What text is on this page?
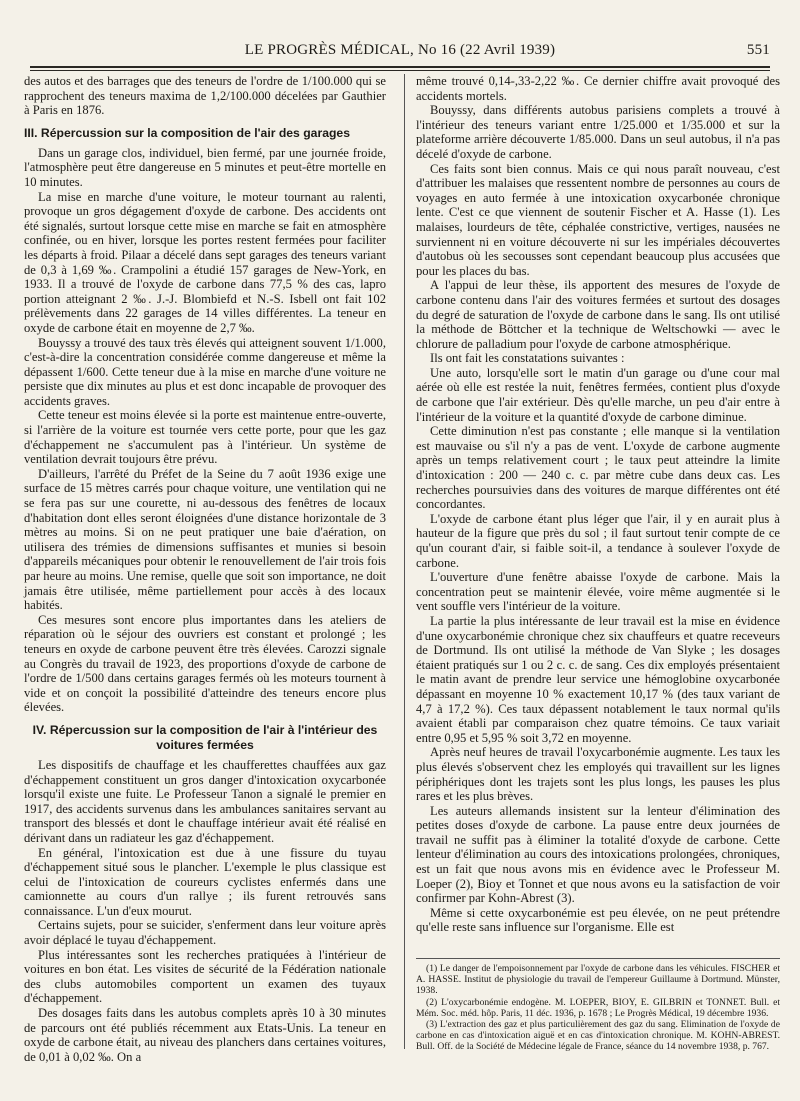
LE PROGRÈS MÉDICAL, No 16 (22 Avril 1939)	551

des autos et des barrages que des teneurs de l'ordre de 1/100.000 qui se rapprochent des teneurs maxima de 1,2/100.000 décelées par Gauthier à Paris en 1876.

III. Répercussion sur la composition de l'air des garages

Dans un garage clos, individuel, bien fermé, par une journée froide, l'atmosphère peut être dangereuse en 5 minutes et peut-être mortelle en 10 minutes.

La mise en marche d'une voiture, le moteur tournant au ralenti, provoque un gros dégagement d'oxyde de carbone. Des accidents ont été signalés, surtout lorsque cette mise en marche se fait en atmosphère confinée, ou en hiver, lorsque les portes restent fermées pour faciliter les départs à froid. Pilaar a décelé dans sept garages des teneurs variant de 0,3 à 1,69 ‰. Crampolini a étudié 157 garages de New-York, en 1933. Il a trouvé de l'oxyde de carbone dans 77,5 % des cas, lapro portion atteignant 2 ‰. J.-J. Blombiefd et N.-S. Isbell ont fait 102 prélèvements dans 22 garages de 14 villes différentes. La teneur en oxyde de carbone était en moyenne de 2,7 ‰.

Bouyssy a trouvé des taux très élevés qui atteignent souvent 1/1.000, c'est-à-dire la concentration considérée comme dangereuse et même la dépassent 1/600. Cette teneur due à la mise en marche d'une voiture ne persiste que dix minutes au plus et est donc incapable de provoquer des accidents graves.

Cette teneur est moins élevée si la porte est maintenue entre-ouverte, si l'arrière de la voiture est tournée vers cette porte, pour que les gaz d'échappement ne s'accumulent pas à l'intérieur. Un système de ventilation devrait toujours être prévu.

D'ailleurs, l'arrêté du Préfet de la Seine du 7 août 1936 exige une surface de 15 mètres carrés pour chaque voiture, une ventilation qui ne se fera pas sur une courette, ni au-dessous des fenêtres de locaux d'habitation dont elles seront éloignées d'une distance horizontale de 3 mètres au moins. Si on ne peut pratiquer une baie d'aération, on utilisera des trémies de dimensions suffisantes et munies si besoin d'appareils mécaniques pour obtenir le renouvellement de l'air trois fois par heure au moins. Une remise, quelle que soit son importance, ne doit jamais être utilisée, même partiellement pour accès à des locaux habités.

Ces mesures sont encore plus importantes dans les ateliers de réparation où le séjour des ouvriers est constant et prolongé ; les teneurs en oxyde de carbone peuvent être très élevées. Carozzi signale au Congrès du travail de 1923, des proportions d'oxyde de carbone de l'ordre de 1/500 dans certains garages fermés où les moteurs tournent à vide et on conçoit la possibilité d'atteindre des teneurs encore plus élevées.

IV. Répercussion sur la composition de l'air à l'intérieur des voitures fermées

Les dispositifs de chauffage et les chaufferettes chauffées aux gaz d'échappement constituent un gros danger d'intoxication oxycarbonée lorsqu'il existe une fuite. Le Professeur Tanon a signalé le premier en 1917, des accidents survenus dans les ambulances sanitaires servant au transport des blessés et dont le chauffage intérieur avait été réalisé en dérivant dans un radiateur les gaz d'échappement.

En général, l'intoxication est due à une fissure du tuyau d'échappement situé sous le plancher. L'exemple le plus classique est celui de l'intoxication de coureurs cyclistes enfermés dans une camionnette au cours d'un rallye ; ils furent retrouvés sans connaissance. L'un d'eux mourut.

Certains sujets, pour se suicider, s'enferment dans leur voiture après avoir déplacé le tuyau d'échappement.

Plus intéressantes sont les recherches pratiquées à l'intérieur de voitures en bon état. Les visites de sécurité de la Fédération nationale des clubs automobiles comportent un examen des tuyaux d'échappement.

Des dosages faits dans les autobus complets après 10 à 30 minutes de parcours ont été publiés récemment aux Etats-Unis. La teneur en oxyde de carbone était, au niveau des planchers dans certaines voitures, de 0,01 à 0,02 ‰. On a

même trouvé 0,14-,33-2,22 ‰. Ce dernier chiffre avait provoqué des accidents mortels.

Bouyssy, dans différents autobus parisiens complets a trouvé à l'intérieur des teneurs variant entre 1/25.000 et 1/35.000 et sur la plateforme arrière découverte 1/85.000. Dans un seul autobus, il n'a pas décelé d'oxyde de carbone.

Ces faits sont bien connus. Mais ce qui nous paraît nouveau, c'est d'attribuer les malaises que ressentent nombre de personnes au cours de voyages en auto fermée à une intoxication oxycarbonée chronique lente. C'est ce que viennent de soutenir Fischer et A. Hasse (1). Les malaises, lourdeurs de tête, céphalée constrictive, vertiges, nausées ne surviennent ni en voiture découverte ni sur les impériales découvertes d'autobus où les secousses sont cependant beaucoup plus accusées que pour les places du bas.

A l'appui de leur thèse, ils apportent des mesures de l'oxyde de carbone contenu dans l'air des voitures fermées et surtout des dosages du degré de saturation de l'oxyde de carbone dans le sang. Ils ont utilisé la méthode de Böttcher et la technique de Weltschowki — avec le chlorure de palladium pour l'oxyde de carbone atmosphérique.

Ils ont fait les constatations suivantes :

Une auto, lorsqu'elle sort le matin d'un garage ou d'une cour mal aérée où elle est restée la nuit, fenêtres fermées, contient plus d'oxyde de carbone que l'air extérieur. Dès qu'elle marche, un peu d'air entre à l'intérieur de la voiture et la quantité d'oxyde de carbone diminue.

Cette diminution n'est pas constante ; elle manque si la ventilation est mauvaise ou s'il n'y a pas de vent. L'oxyde de carbone augmente après un temps relativement court ; le taux peut atteindre la limite d'intoxication : 200 — 240 c. c. par mètre cube dans deux cas. Les recherches poursuivies dans des voitures de marque différentes ont été concordantes.

L'oxyde de carbone étant plus léger que l'air, il y en aurait plus à hauteur de la figure que près du sol ; il faut surtout tenir compte de ce qu'un courant d'air, si faible soit-il, a tendance à soulever l'oxyde de carbone.

L'ouverture d'une fenêtre abaisse l'oxyde de carbone. Mais la concentration peut se maintenir élevée, voire même augmentée si le vent souffle vers l'intérieur de la voiture.

La partie la plus intéressante de leur travail est la mise en évidence d'une oxycarbonémie chronique chez six chauffeurs et quatre receveurs de Dortmund. Ils ont utilisé la méthode de Van Slyke ; les dosages étaient pratiqués sur 1 ou 2 c. c. de sang. Ces dix employés présentaient le matin avant de prendre leur service une hémoglobine oxycarbonée dépassant en moyenne 10 % exactement 10,17 % (des taux variant de 4,7 à 17,2 %). Ces taux dépassent notablement le taux normal qu'ils avaient établi par comparaison chez quatre témoins. Ce taux variait entre 0,95 et 5,95 % soit 3,72 en moyenne.

Après neuf heures de travail l'oxycarbonémie augmente. Les taux les plus élevés s'observent chez les employés qui travaillent sur les lignes périphériques dont les trajets sont les plus longs, les pauses les plus rares et les plus brèves.

Les auteurs allemands insistent sur la lenteur d'élimination des petites doses d'oxyde de carbone. La pause entre deux journées de travail ne suffit pas à éliminer la totalité d'oxyde de carbone. Cette lenteur d'élimination au cours des intoxications prolongées, chroniques, est un fait que nous avons mis en évidence avec le Professeur M. Loeper (2), Bioy et Tonnet et que nous avons eu la satisfaction de voir confirmer par Kohn-Abrest (3).

Même si cette oxycarbonémie est peu élevée, on ne peut prétendre qu'elle reste sans influence sur l'organisme. Elle est

(1) Le danger de l'empoisonnement par l'oxyde de carbone dans les véhicules. FISCHER et A. HASSE. Institut de physiologie du travail de l'empereur Guillaume à Dortmund. Münster, 1938.

(2) L'oxycarbonémie endogène. M. LOEPER, BIOY, E. GILBRIN et TONNET. Bull. et Mém. Soc. méd. hôp. Paris, 11 déc. 1936, p. 1678 ; Le Progrès Médical, 19 décembre 1936.

(3) L'extraction des gaz et plus particulièrement des gaz du sang. Elimination de l'oxyde de carbone en cas d'intoxication aiguë et en cas d'intoxication chronique. M. KOHN-ABREST. Bull. Off. de la Société de Médecine légale de France, séance du 14 novembre 1938, p. 767.
